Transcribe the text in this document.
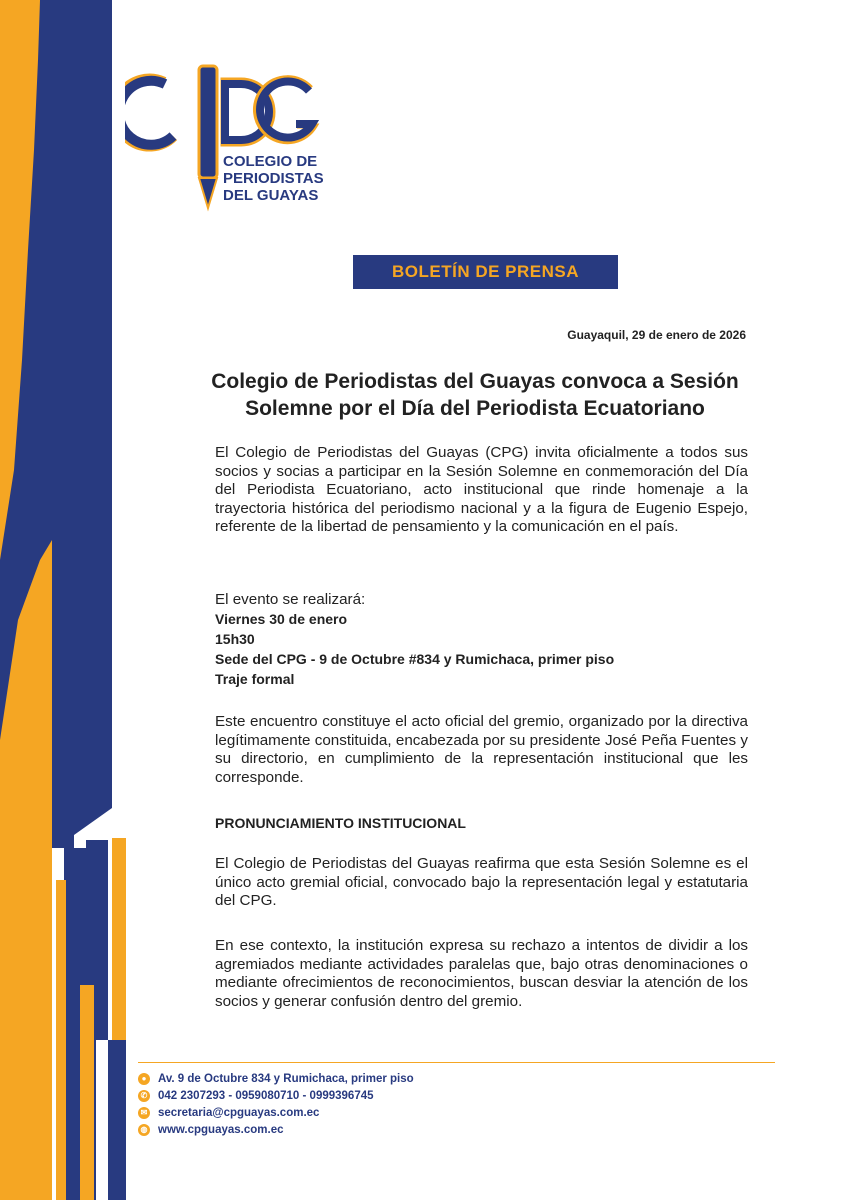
COLEGIO DE
PERIODISTAS
DEL GUAYAS
BOLETÍN DE PRENSA
Guayaquil, 29 de enero de 2026
Colegio de Periodistas del Guayas convoca a Sesión
Solemne por el Día del Periodista Ecuatoriano
El Colegio de Periodistas del Guayas (CPG) invita oficialmente a todos sus socios y socias a participar en la Sesión Solemne en conmemoración del Día del Periodista Ecuatoriano, acto institucional que rinde homenaje a la trayectoria histórica del periodismo nacional y a la figura de Eugenio Espejo, referente de la libertad de pensamiento y la comunicación en el país.
El evento se realizará:
Viernes 30 de enero
15h30
Sede del CPG - 9 de Octubre #834 y Rumichaca, primer piso
Traje formal
Este encuentro constituye el acto oficial del gremio, organizado por la directiva legítimamente constituida, encabezada por su presidente José Peña Fuentes y su directorio, en cumplimiento de la representación institucional que les corresponde.
PRONUNCIAMIENTO INSTITUCIONAL
El Colegio de Periodistas del Guayas reafirma que esta Sesión Solemne es el único acto gremial oficial, convocado bajo la representación legal y estatutaria del CPG.
En ese contexto, la institución expresa su rechazo a intentos de dividir a los agremiados mediante actividades paralelas que, bajo otras denominaciones o mediante ofrecimientos de reconocimientos, buscan desviar la atención de los socios y generar confusión dentro del gremio.
●	Av. 9 de Octubre 834 y Rumichaca, primer piso
✆ 042 2307293 - 0959080710 - 0999396745
✉ secretaria@cpguayas.com.ec
◍ www.cpguayas.com.ec
